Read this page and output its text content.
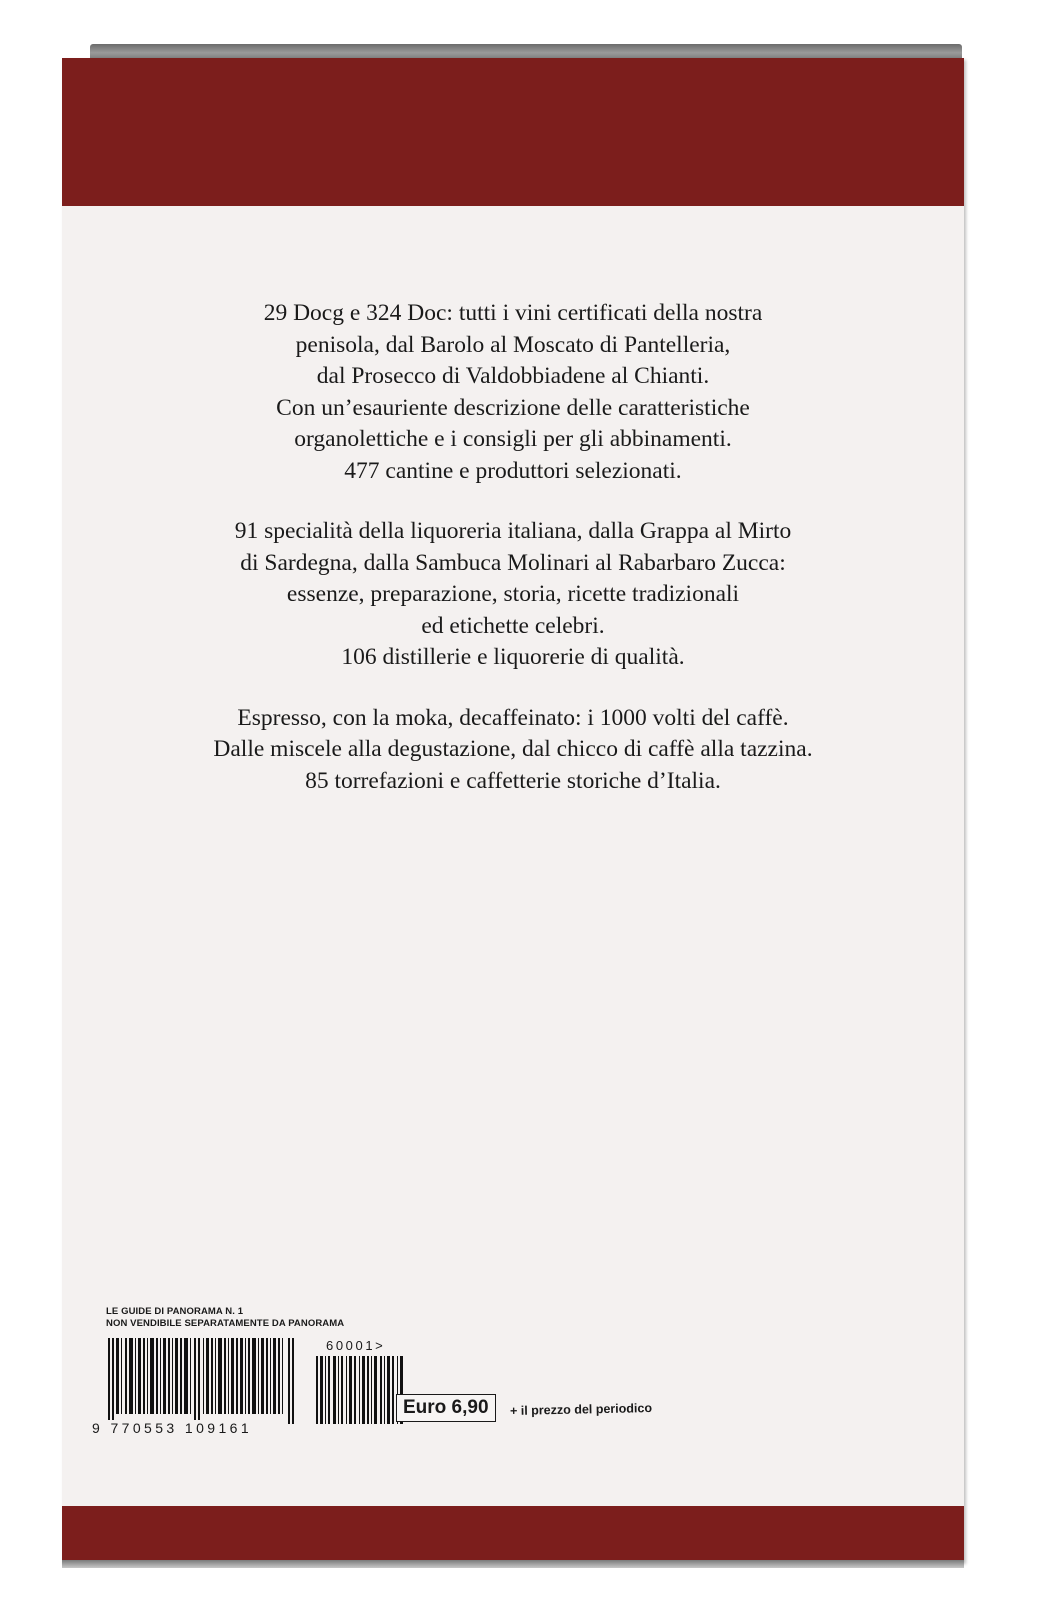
29 Docg e 324 Doc: tutti i vini certificati della nostra
penisola, dal Barolo al Moscato di Pantelleria,
dal Prosecco di Valdobbiadene al Chianti.
Con un’esauriente descrizione delle caratteristiche
organolettiche e i consigli per gli abbinamenti.
477 cantine e produttori selezionati.
91 specialità della liquoreria italiana, dalla Grappa al Mirto
di Sardegna, dalla Sambuca Molinari al Rabarbaro Zucca:
essenze, preparazione, storia, ricette tradizionali
ed etichette celebri.
106 distillerie e liquorerie di qualità.
Espresso, con la moka, decaffeinato: i 1000 volti del caffè.
Dalle miscele alla degustazione, dal chicco di caffè alla tazzina.
85 torrefazioni e caffetterie storiche d’Italia.
LE GUIDE DI PANORAMA N. 1
NON VENDIBILE SEPARATAMENTE DA PANORAMA
9 770553 109161
60001>
Euro 6,90	+ il prezzo del periodico
